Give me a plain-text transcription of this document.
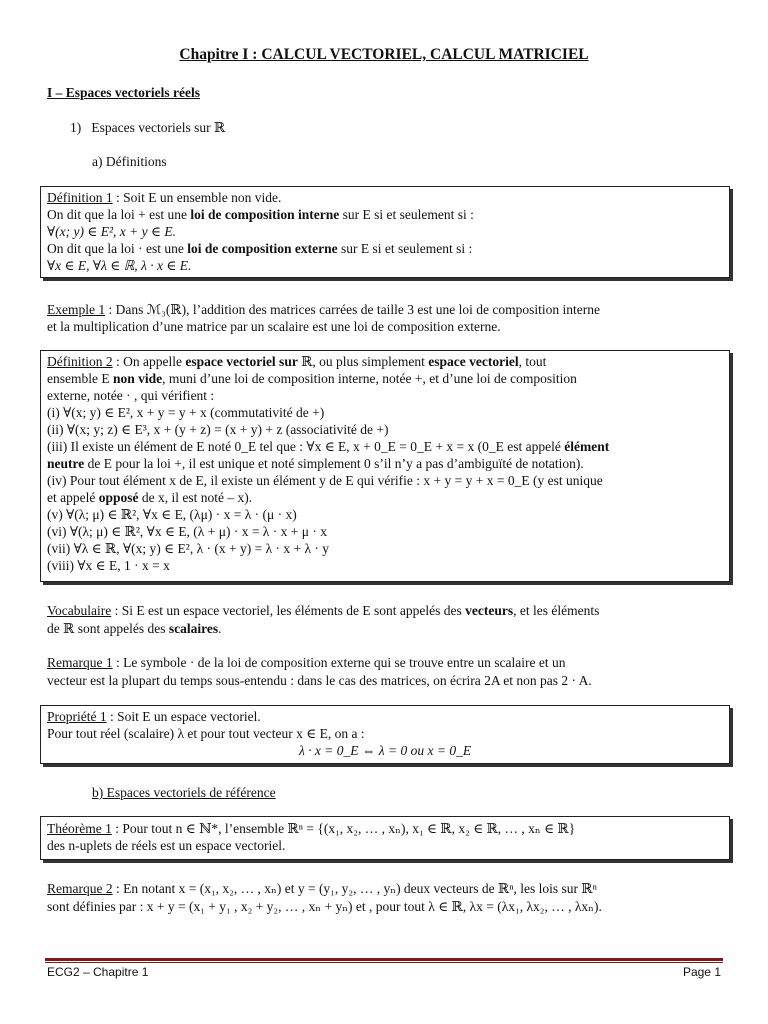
Chapitre I : CALCUL VECTORIEL, CALCUL MATRICIEL
I – Espaces vectoriels réels
1)   Espaces vectoriels sur ℝ
a) Définitions
Définition 1 : Soit E un ensemble non vide.
On dit que la loi + est une loi de composition interne sur E si et seulement si :
∀(x; y) ∈ E², x + y ∈ E.
On dit que la loi · est une loi de composition externe sur E si et seulement si :
∀x ∈ E, ∀λ ∈ ℝ, λ · x ∈ E.
Exemple 1 : Dans ℳ₃(ℝ), l’addition des matrices carrées de taille 3 est une loi de composition interne
et la multiplication d’une matrice par un scalaire est une loi de composition externe.
Définition 2 : On appelle espace vectoriel sur ℝ, ou plus simplement espace vectoriel, tout
ensemble E non vide, muni d’une loi de composition interne, notée +, et d’une loi de composition
externe, notée · , qui vérifient :
(i) ∀(x; y) ∈ E², x + y = y + x (commutativité de +)
(ii) ∀(x; y; z) ∈ E³, x + (y + z) = (x + y) + z (associativité de +)
(iii) Il existe un élément de E noté 0_E tel que : ∀x ∈ E, x + 0_E = 0_E + x = x (0_E est appelé élément
neutre de E pour la loi +, il est unique et noté simplement 0 s’il n’y a pas d’ambiguïté de notation).
(iv) Pour tout élément x de E, il existe un élément y de E qui vérifie : x + y = y + x = 0_E (y est unique
et appelé opposé de x, il est noté – x).
(v) ∀(λ; μ) ∈ ℝ², ∀x ∈ E, (λμ) · x = λ · (μ · x)
(vi) ∀(λ; μ) ∈ ℝ², ∀x ∈ E, (λ + μ) · x = λ · x + μ · x
(vii) ∀λ ∈ ℝ, ∀(x; y) ∈ E², λ · (x + y) = λ · x + λ · y
(viii) ∀x ∈ E, 1 · x = x
Vocabulaire : Si E est un espace vectoriel, les éléments de E sont appelés des vecteurs, et les éléments
de ℝ sont appelés des scalaires.
Remarque 1 : Le symbole · de la loi de composition externe qui se trouve entre un scalaire et un
vecteur est la plupart du temps sous-entendu : dans le cas des matrices, on écrira 2A et non pas 2 · A.
Propriété 1 : Soit E un espace vectoriel.
Pour tout réel (scalaire) λ et pour tout vecteur x ∈ E, on a :
λ · x = 0_E ⇔ λ = 0 ou x = 0_E
b) Espaces vectoriels de référence
Théorème 1 : Pour tout n ∈ ℕ*, l’ensemble ℝⁿ = {(x₁, x₂, … , xₙ), x₁ ∈ ℝ, x₂ ∈ ℝ, … , xₙ ∈ ℝ}
des n-uplets de réels est un espace vectoriel.
Remarque 2 : En notant x = (x₁, x₂, … , xₙ) et y = (y₁, y₂, … , yₙ) deux vecteurs de ℝⁿ, les lois sur ℝⁿ
sont définies par : x + y = (x₁ + y₁ , x₂ + y₂, … , xₙ + yₙ) et , pour tout λ ∈ ℝ, λx = (λx₁, λx₂, … , λxₙ).
ECG2 – Chapitre 1	Page 1
